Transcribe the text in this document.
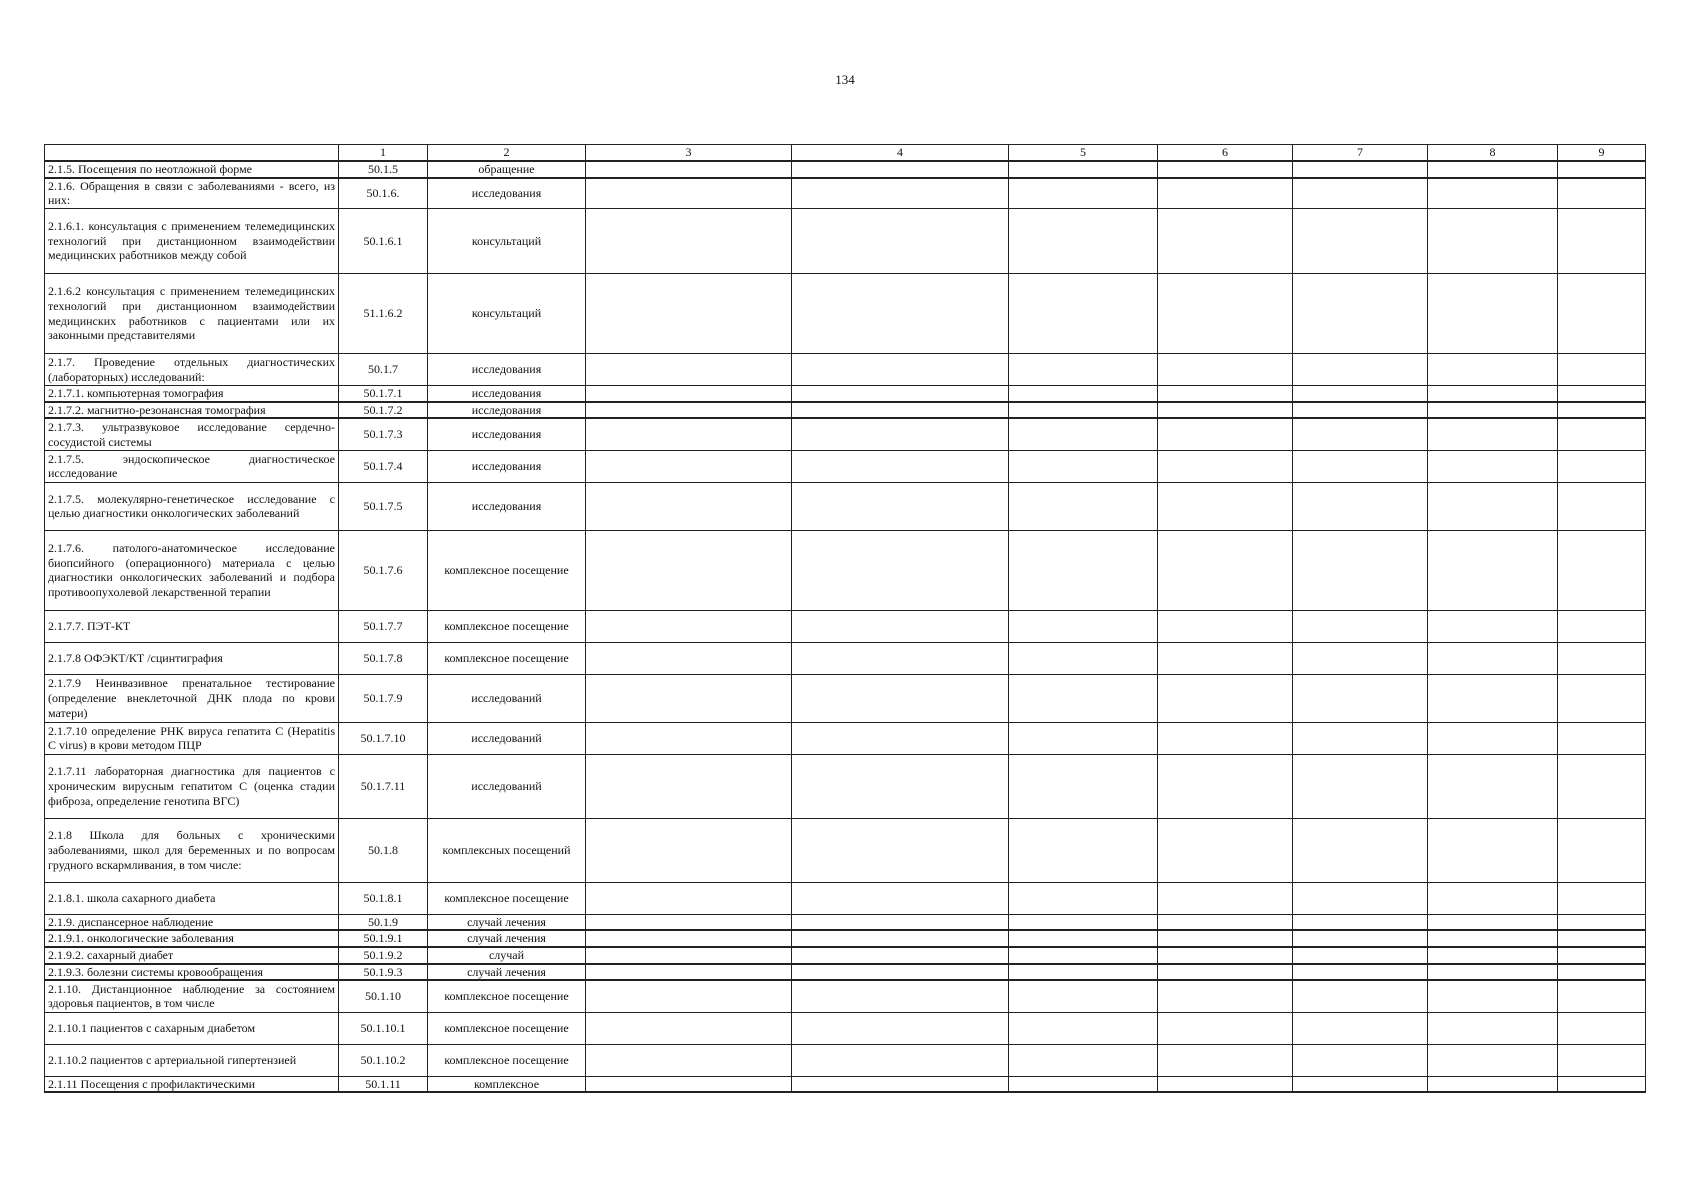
134
	1	2	3	4	5	6	7	8	9
2.1.5. Посещения по неотложной форме	50.1.5	обращение							
2.1.6. Обращения в связи с заболеваниями - всего, из них:	50.1.6.	исследования							
2.1.6.1. консультация с применением телемедицинских технологий при дистанционном взаимодействии медицинских работников между собой	50.1.6.1	консультаций							
2.1.6.2 консультация с применением телемедицинских технологий при дистанционном взаимодействии медицинских работников с пациентами или их законными представителями	51.1.6.2	консультаций							
2.1.7. Проведение отдельных диагностических (лабораторных) исследований:	50.1.7	исследования							
2.1.7.1. компьютерная томография	50.1.7.1	исследования							
2.1.7.2. магнитно-резонансная томография	50.1.7.2	исследования							
2.1.7.3. ультразвуковое исследование сердечно-сосудистой системы	50.1.7.3	исследования							
2.1.7.5. эндоскопическое диагностическое исследование	50.1.7.4	исследования							
2.1.7.5. молекулярно-генетическое исследование с целью диагностики онкологических заболеваний	50.1.7.5	исследования							
2.1.7.6. патолого-анатомическое исследование биопсийного (операционного) материала с целью диагностики онкологических заболеваний и подбора противоопухолевой лекарственной терапии	50.1.7.6	комплексное посещение							
2.1.7.7. ПЭТ-КТ	50.1.7.7	комплексное посещение							
2.1.7.8 ОФЭКТ/КТ /сцинтиграфия	50.1.7.8	комплексное посещение							
2.1.7.9 Неинвазивное пренатальное тестирование (определение внеклеточной ДНК плода по крови матери)	50.1.7.9	исследований							
2.1.7.10 определение РНК вируса гепатита С (Hepatitis C virus) в крови методом ПЦР	50.1.7.10	исследований							
2.1.7.11 лабораторная диагностика для пациентов с хроническим вирусным гепатитом С (оценка стадии фиброза, определение генотипа ВГС)	50.1.7.11	исследований							
2.1.8 Школа для больных с хроническими заболеваниями, школ для беременных и по вопросам грудного вскармливания, в том числе:	50.1.8	комплексных посещений							
2.1.8.1. школа сахарного диабета	50.1.8.1	комплексное посещение							
2.1.9. диспансерное наблюдение	50.1.9	случай лечения							
2.1.9.1. онкологические заболевания	50.1.9.1	случай лечения							
2.1.9.2. сахарный диабет	50.1.9.2	случай							
2.1.9.3. болезни системы кровообращения	50.1.9.3	случай лечения							
2.1.10. Дистанционное наблюдение за состоянием здоровья пациентов, в том числе	50.1.10	комплексное посещение							
2.1.10.1 пациентов с сахарным диабетом	50.1.10.1	комплексное посещение							
2.1.10.2 пациентов с артериальной гипертензией	50.1.10.2	комплексное посещение							
2.1.11 Посещения с профилактическими	50.1.11	комплексное							
